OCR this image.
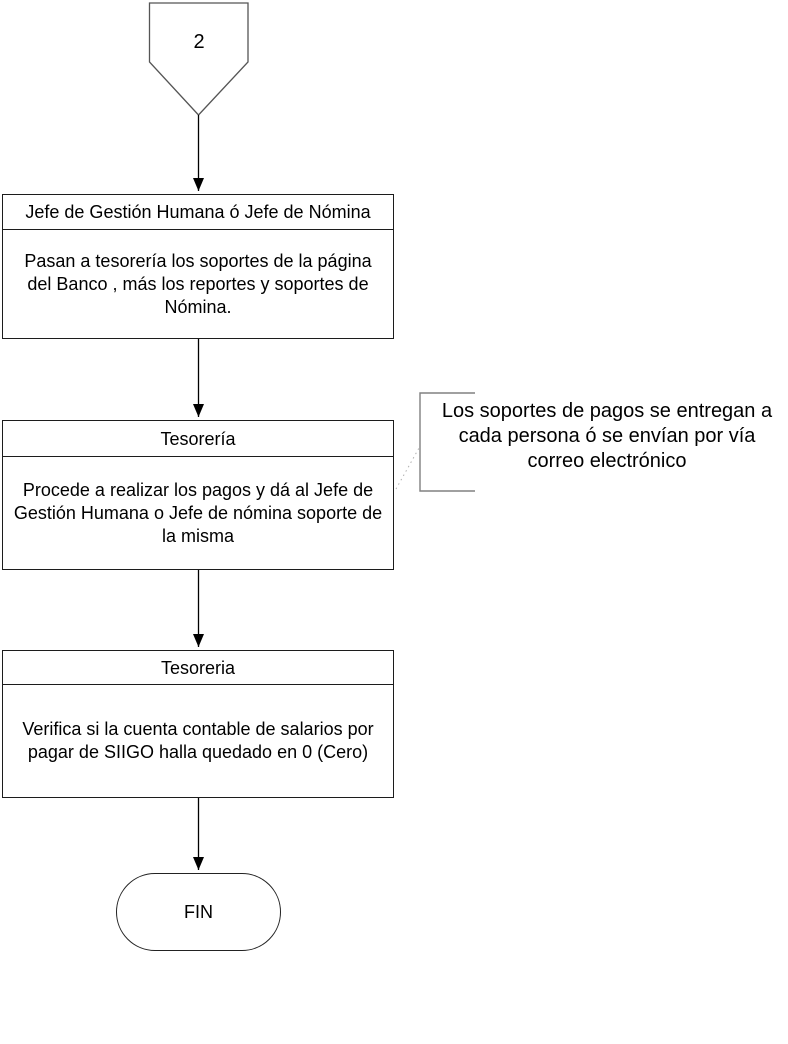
2
Jefe de Gestión Humana ó Jefe de Nómina
Pasan a tesorería los soportes de la página
del Banco , más los reportes y soportes de
Nómina.
Tesorería
Procede a realizar los pagos y dá al Jefe de
Gestión Humana o Jefe de nómina soporte de
la misma
Tesoreria
Verifica si la cuenta contable de salarios por
pagar de SIIGO halla quedado en 0 (Cero)
Los soportes de pagos se entregan a
cada persona ó se envían por vía
correo electrónico
FIN
